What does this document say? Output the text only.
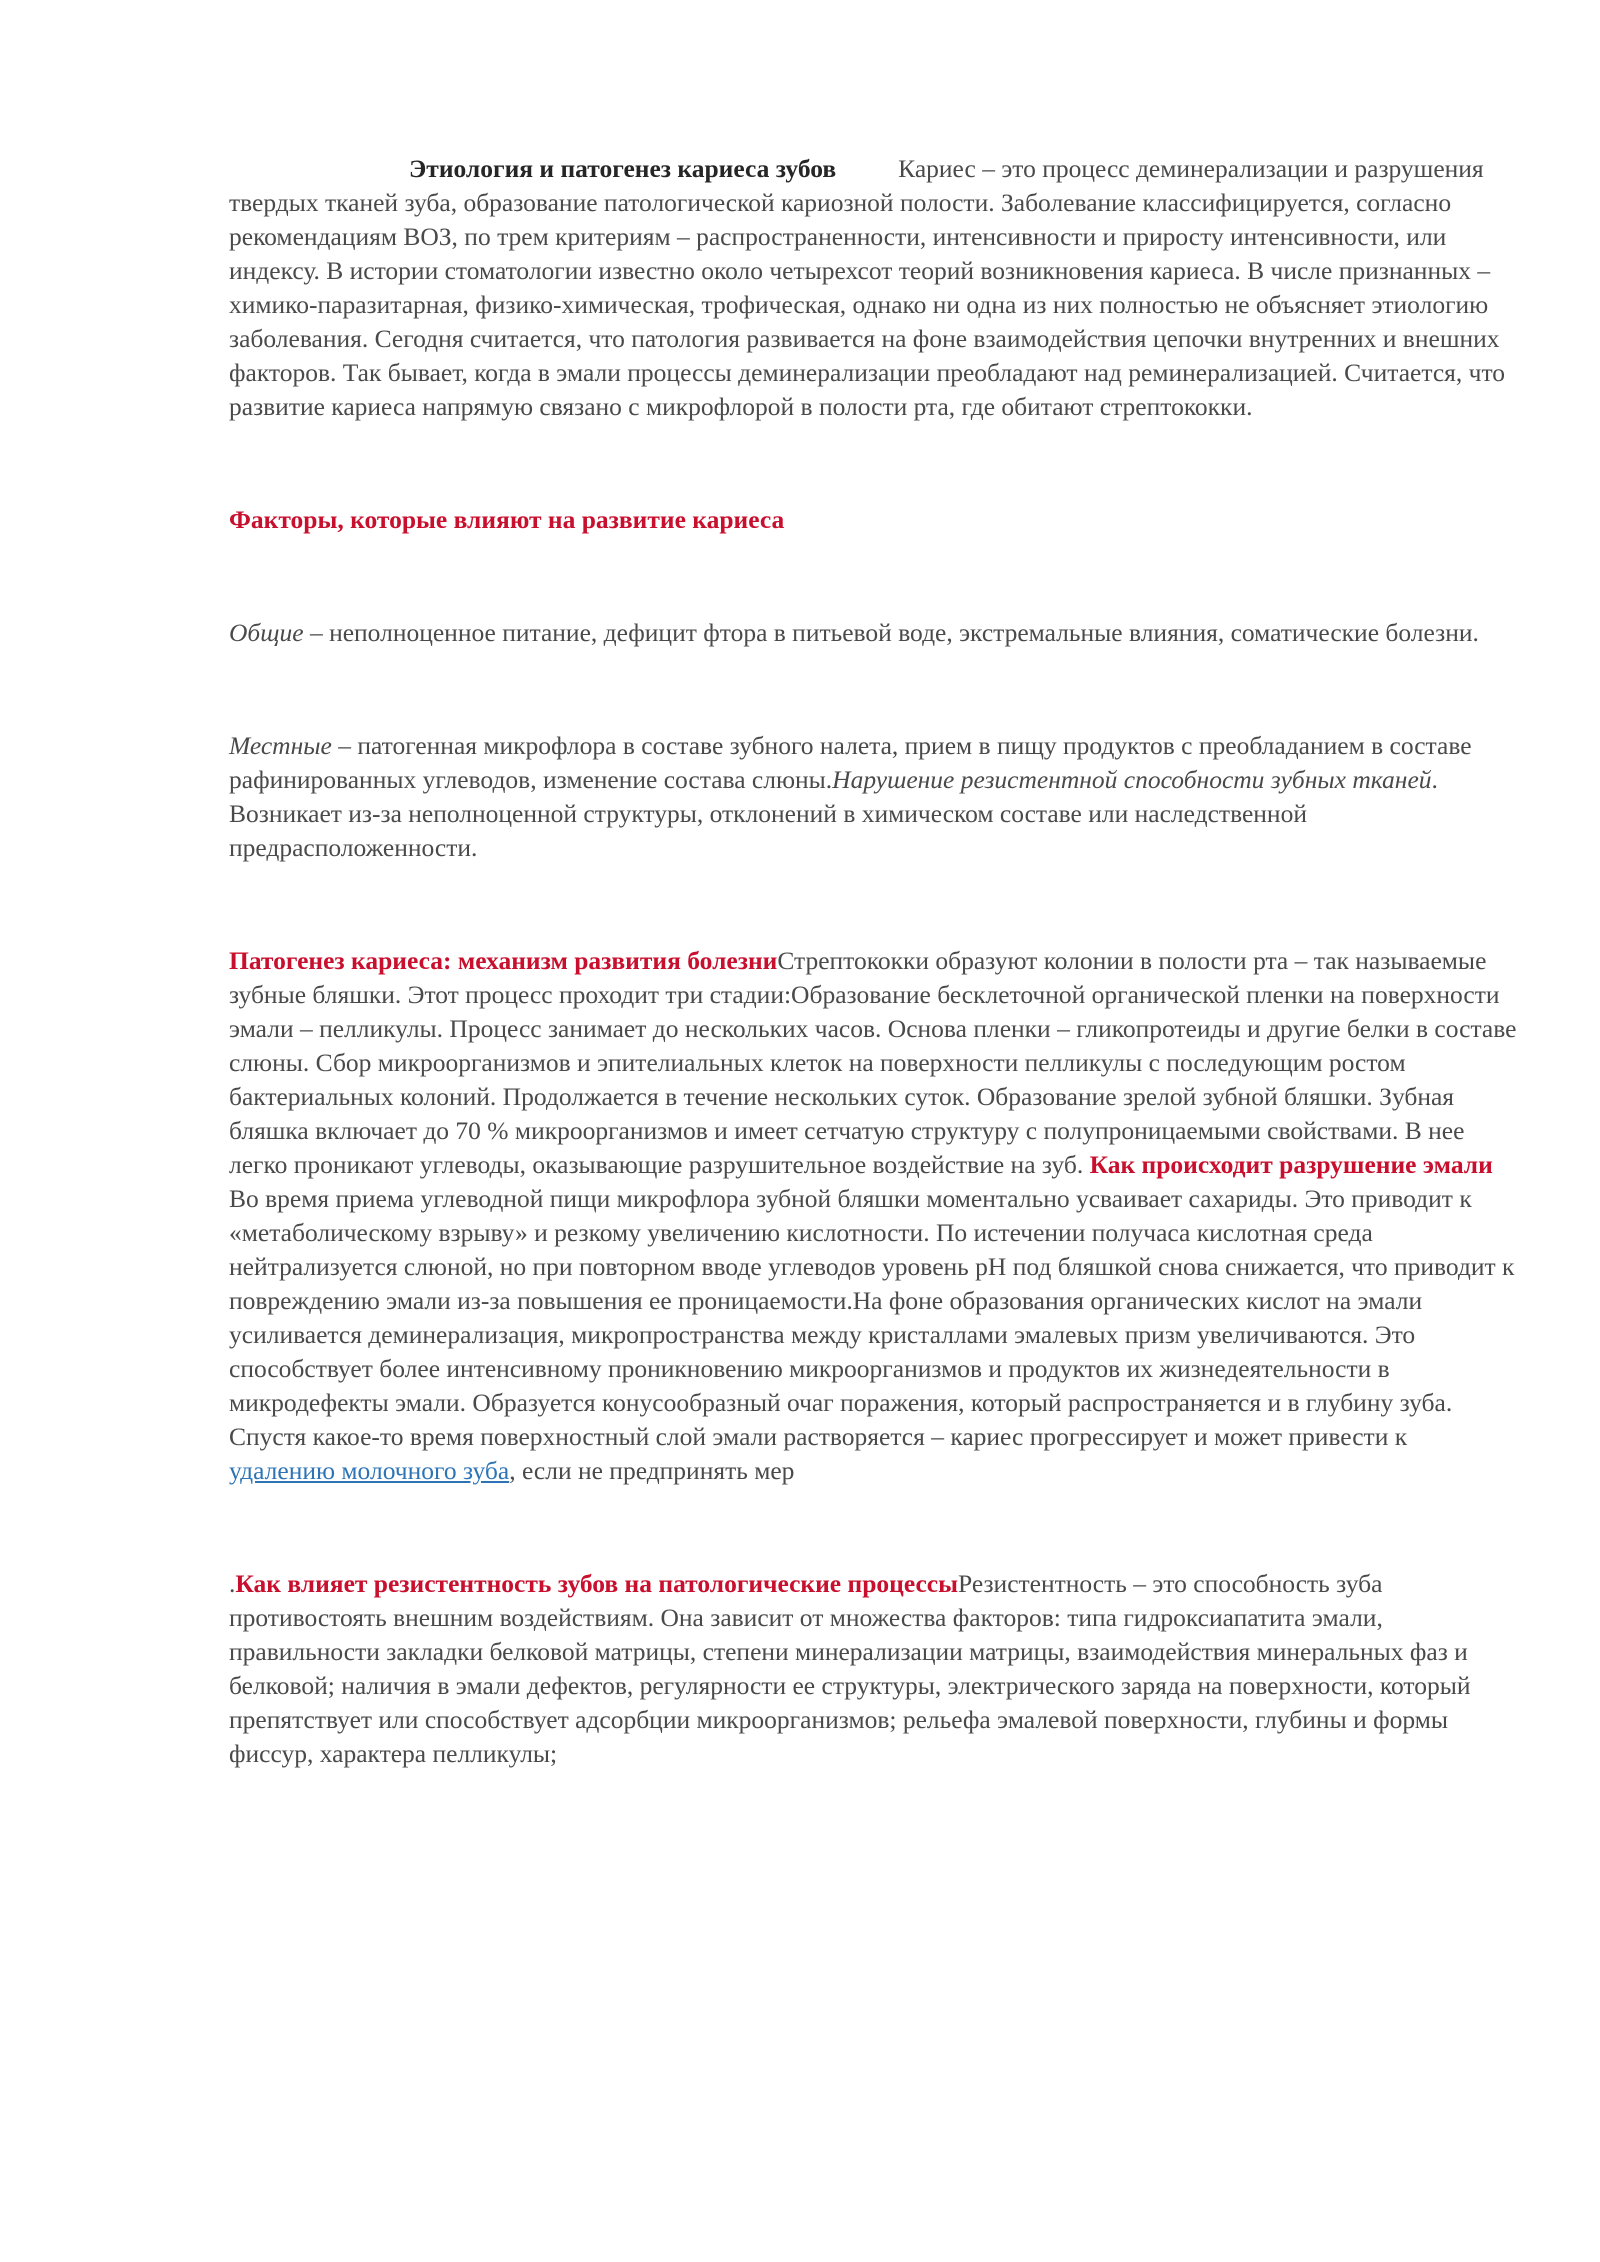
Этиология и патогенез кариеса зубов Кариес – это процесс деминерализации и разрушения твердых тканей зуба, образование патологической кариозной полости. Заболевание классифицируется, согласно рекомендациям ВОЗ, по трем критериям – распространенности, интенсивности и приросту интенсивности, или индексу. В истории стоматологии известно около четырехсот теорий возникновения кариеса. В числе признанных – химико-паразитарная, физико-химическая, трофическая, однако ни одна из них полностью не объясняет этиологию заболевания. Сегодня считается, что патология развивается на фоне взаимодействия цепочки внутренних и внешних факторов. Так бывает, когда в эмали процессы деминерализации преобладают над реминерализацией. Считается, что развитие кариеса напрямую связано с микрофлорой в полости рта, где обитают стрептококки.

Факторы, которые влияют на развитие кариеса

Общие – неполноценное питание, дефицит фтора в питьевой воде, экстремальные влияния, соматические болезни.

Местные – патогенная микрофлора в составе зубного налета, прием в пищу продуктов с преобладанием в составе рафинированных углеводов, изменение состава слюны.Нарушение резистентной способности зубных тканей. Возникает из-за неполноценной структуры, отклонений в химическом составе или наследственной предрасположенности.

Патогенез кариеса: механизм развития болезниСтрептококки образуют колонии в полости рта – так называемые зубные бляшки. Этот процесс проходит три стадии:Образование бесклеточной органической пленки на поверхности эмали – пелликулы. Процесс занимает до нескольких часов. Основа пленки – гликопротеиды и другие белки в составе слюны. Сбор микроорганизмов и эпителиальных клеток на поверхности пелликулы с последующим ростом бактериальных колоний. Продолжается в течение нескольких суток. Образование зрелой зубной бляшки. Зубная бляшка включает до 70 % микроорганизмов и имеет сетчатую структуру с полупроницаемыми свойствами. В нее легко проникают углеводы, оказывающие разрушительное воздействие на зуб. Как происходит разрушение эмали Во время приема углеводной пищи микрофлора зубной бляшки моментально усваивает сахариды. Это приводит к «метаболическому взрыву» и резкому увеличению кислотности. По истечении получаса кислотная среда нейтрализуется слюной, но при повторном вводе углеводов уровень pH под бляшкой снова снижается, что приводит к повреждению эмали из-за повышения ее проницаемости.На фоне образования органических кислот на эмали усиливается деминерализация, микропространства между кристаллами эмалевых призм увеличиваются. Это способствует более интенсивному проникновению микроорганизмов и продуктов их жизнедеятельности в микродефекты эмали. Образуется конусообразный очаг поражения, который распространяется и в глубину зуба. Спустя какое-то время поверхностный слой эмали растворяется – кариес прогрессирует и может привести к удалению молочного зуба, если не предпринять мер

.Как влияет резистентность зубов на патологические процессыРезистентность – это способность зуба противостоять внешним воздействиям. Она зависит от множества факторов: типа гидроксиапатита эмали, правильности закладки белковой матрицы, степени минерализации матрицы, взаимодействия минеральных фаз и белковой; наличия в эмали дефектов, регулярности ее структуры, электрического заряда на поверхности, который препятствует или способствует адсорбции микроорганизмов; рельефа эмалевой поверхности, глубины и формы фиссур, характера пелликулы;
